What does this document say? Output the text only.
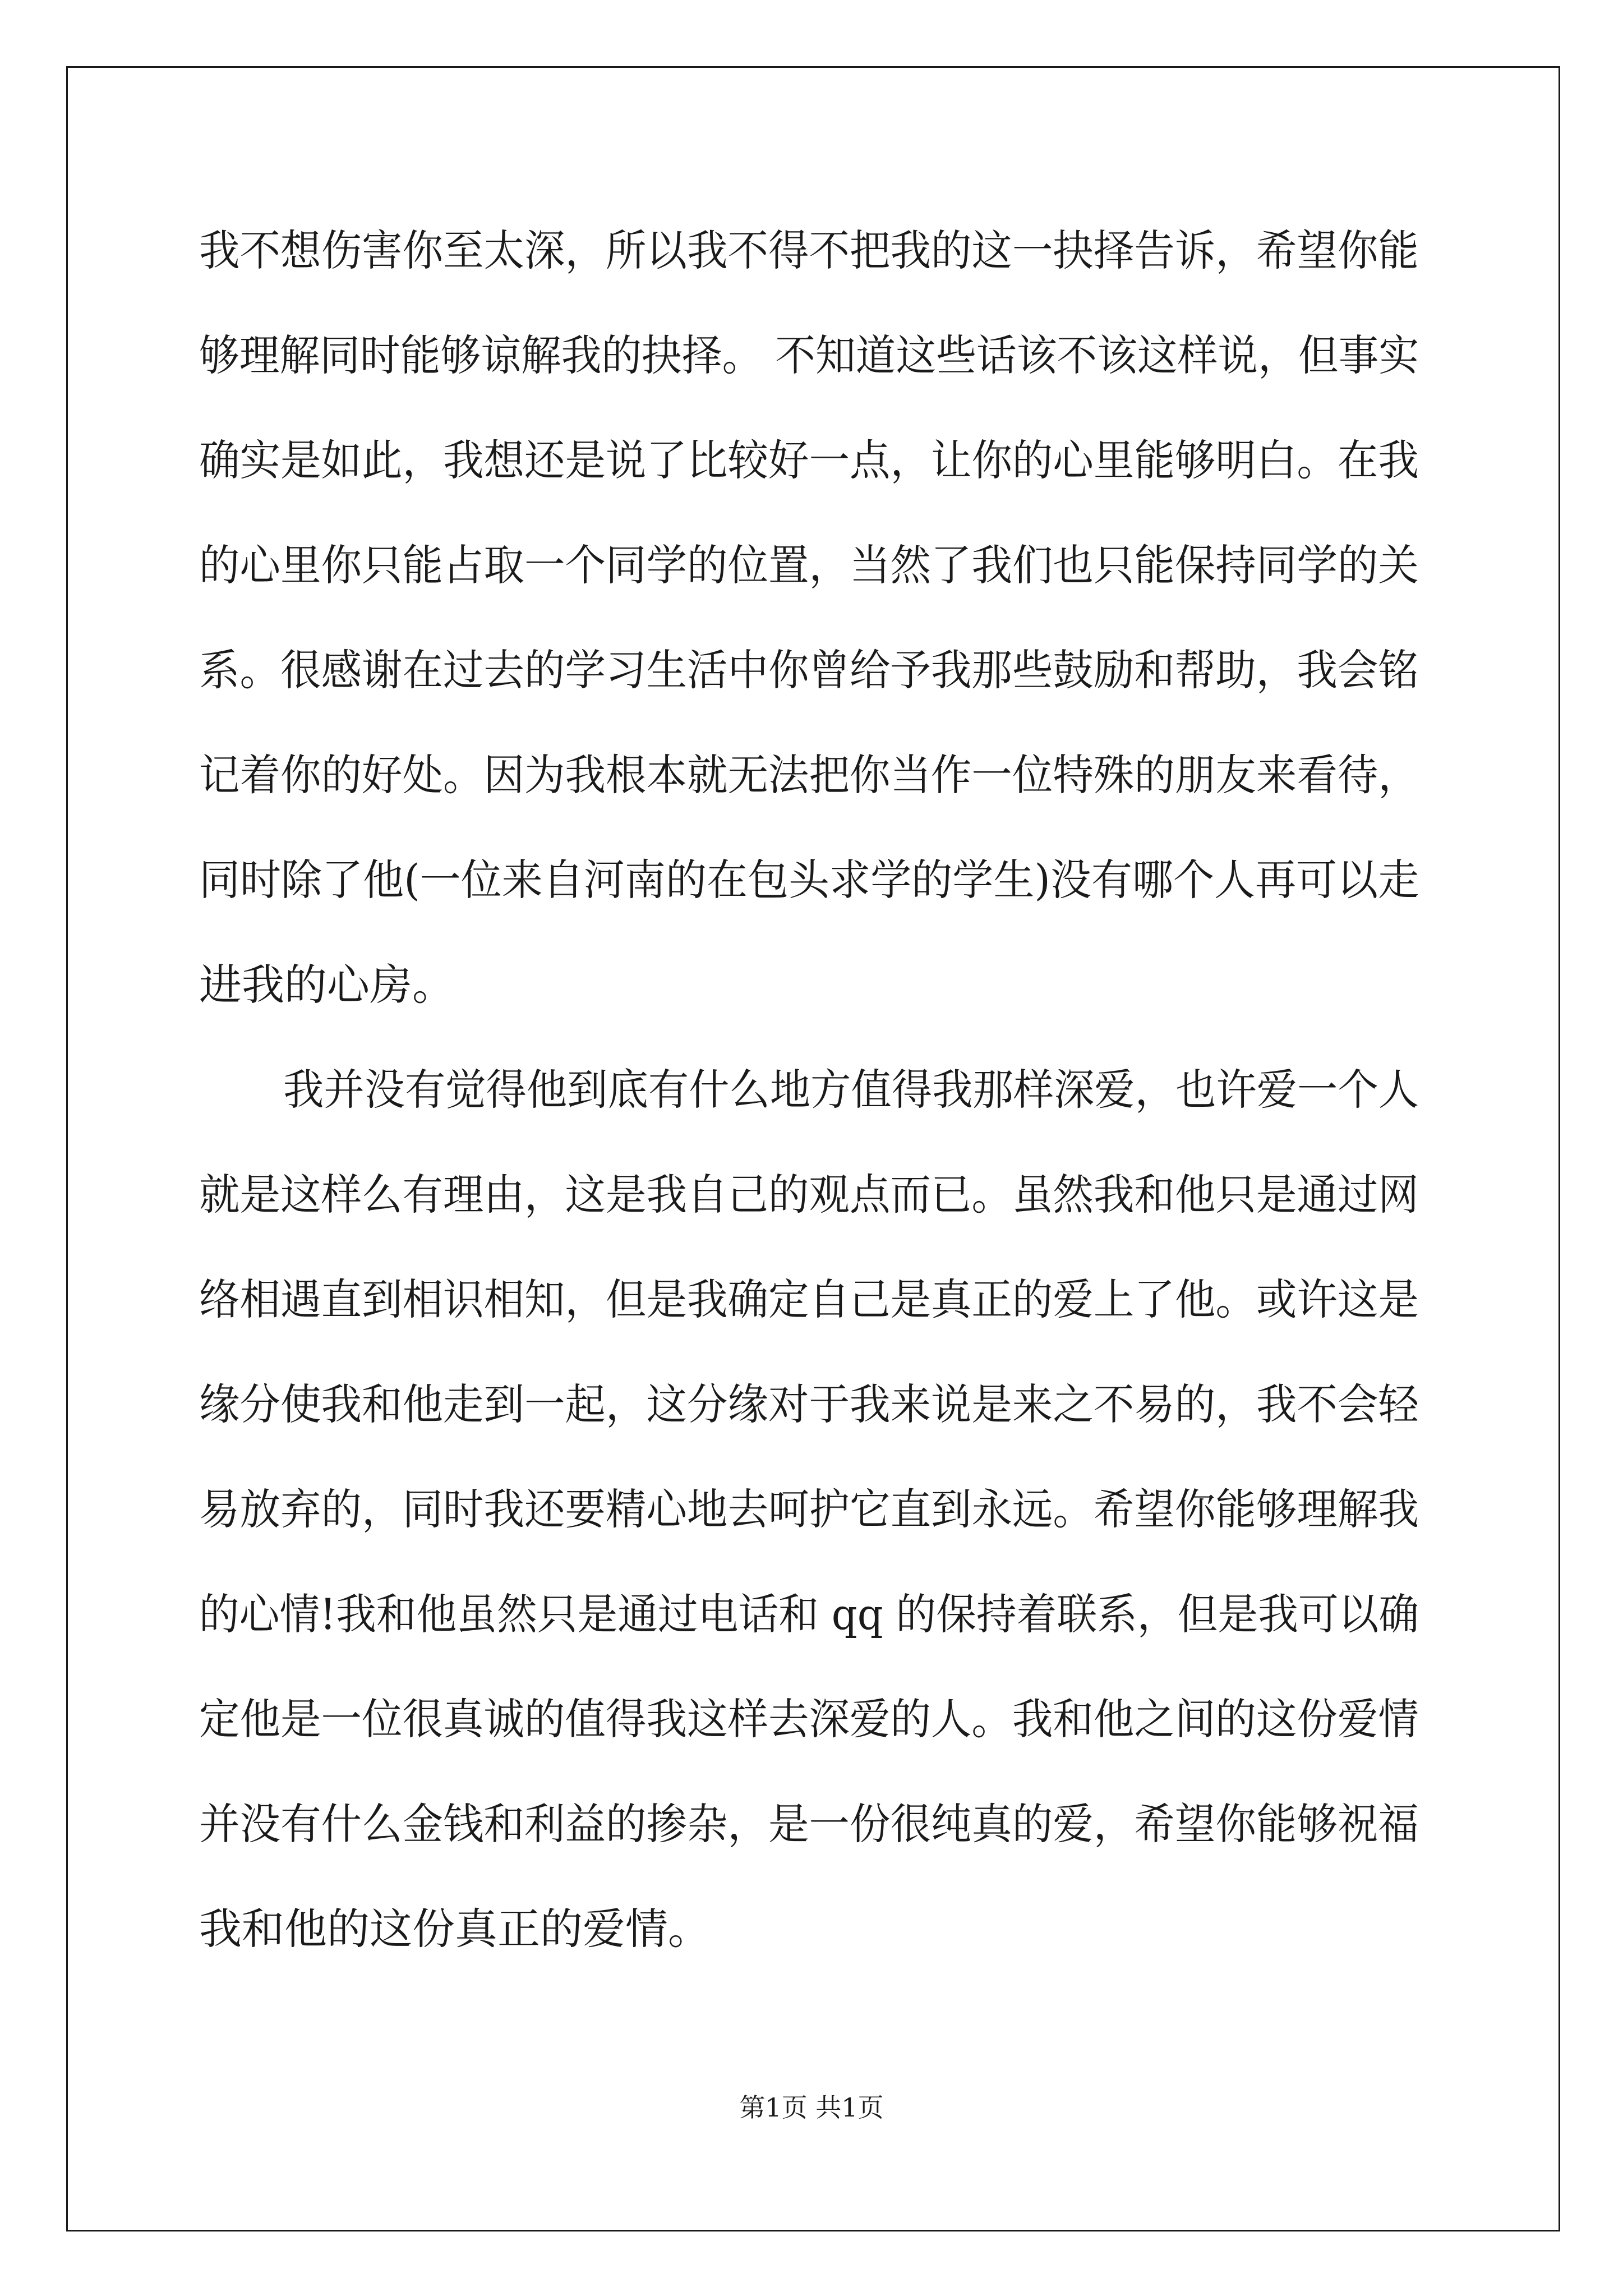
我不想伤害你至太深，所以我不得不把我的这一抉择告诉，希望你能
够理解同时能够谅解我的抉择。 不知道这些话该不该这样说，但事实
确实是如此，我想还是说了比较好一点，让你的心里能够明白。在我
的心里你只能占取一个同学的位置，当然了我们也只能保持同学的关
系。很感谢在过去的学习生活中你曾给予我那些鼓励和帮助，我会铭
记着你的好处。因为我根本就无法把你当作一位特殊的朋友来看待，
同时除了他(一位来自河南的在包头求学的学生)没有哪个人再可以走
进我的心房。
我并没有觉得他到底有什么地方值得我那样深爱，也许爱一个人
就是这样么有理由，这是我自己的观点而已。虽然我和他只是通过网
络相遇直到相识相知，但是我确定自己是真正的爱上了他。或许这是
缘分使我和他走到一起，这分缘对于我来说是来之不易的，我不会轻
易放弃的，同时我还要精心地去呵护它直到永远。希望你能够理解我
的心情!我和他虽然只是通过电话和 qq 的保持着联系，但是我可以确
定他是一位很真诚的值得我这样去深爱的人。我和他之间的这份爱情
并没有什么金钱和利益的掺杂，是一份很纯真的爱，希望你能够祝福
我和他的这份真正的爱情。
第1页 共1页
